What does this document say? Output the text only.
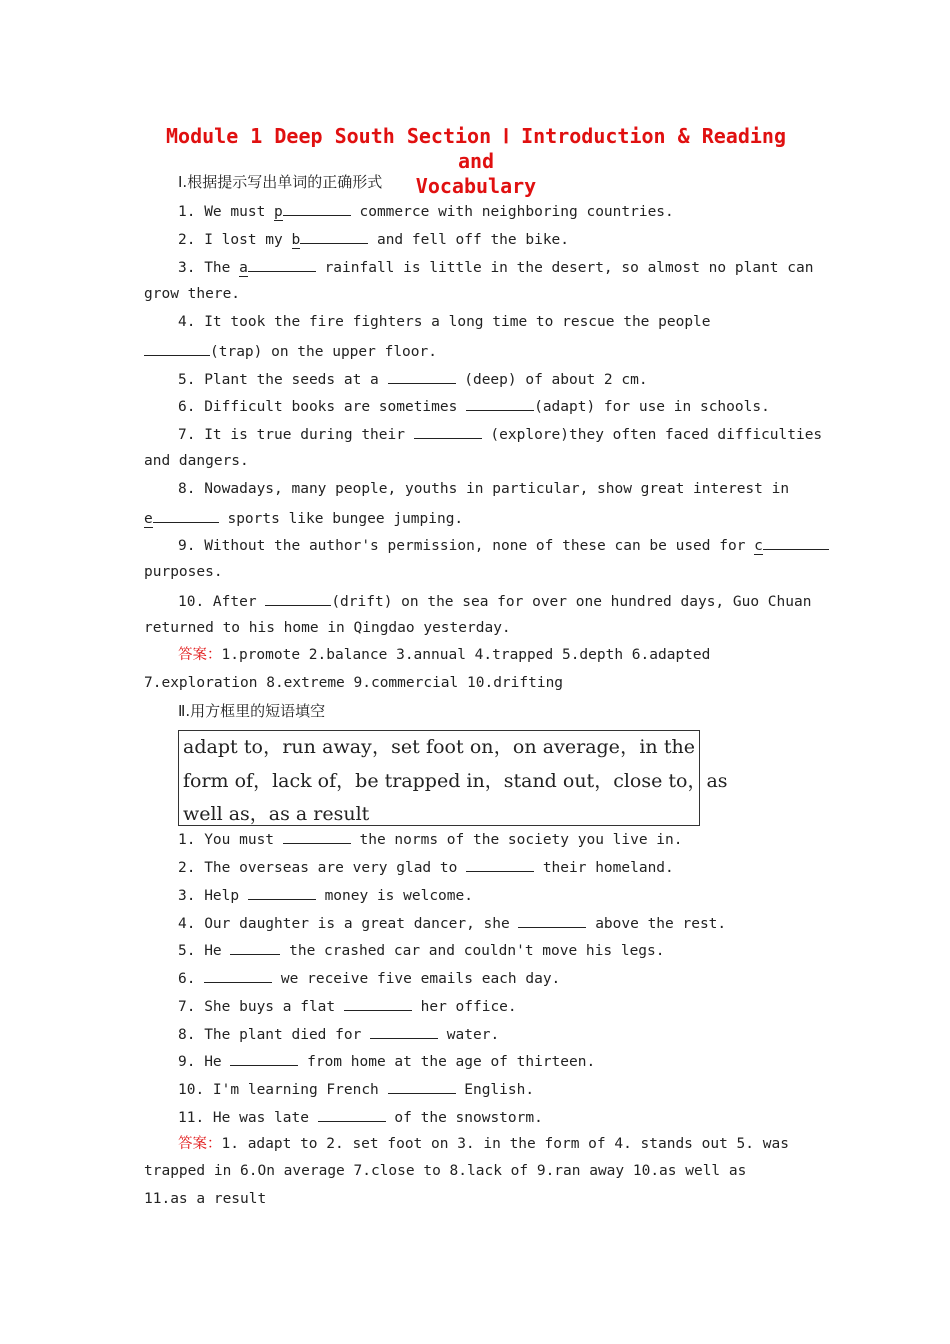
Module 1 Deep South Section Ⅰ Introduction & Reading and
Vocabulary
Ⅰ.根据提示写出单词的正确形式
1. We must p	commerce with neighboring countries.
2. I lost my b	and fell off the bike.
3. The a	rainfall is little in the desert, so almost no plant can
grow there.
4. It took the fire fighters a long time to rescue the people
(trap) on the upper floor.
5. Plant the seeds at a	(deep) of about 2 cm.
6. Difficult books are sometimes	(adapt) for use in schools.
7. It is true during their	(explore)they often faced difficulties
and dangers.
8. Nowadays, many people, youths in particular, show great interest in
e	sports like bungee jumping.
9. Without the author's permission, none of these can be used for c
purposes.
10. After	(drift) on the sea for over one hundred days, Guo Chuan
returned to his home in Qingdao yesterday.
答案：1.promote 2.balance 3.annual 4.trapped 5.depth 6.adapted
7.exploration 8.extreme 9.commercial 10.drifting
Ⅱ.用方框里的短语填空
adapt to，run away，set foot on，on average，in the
form of，lack of，be trapped in，stand out，close to，as
well as，as a result
1. You must	the norms of the society you live in.
2. The overseas are very glad to	their homeland.
3. Help	money is welcome.
4. Our daughter is a great dancer, she	above the rest.
5. He	the crashed car and couldn't move his legs.
6.	we receive five emails each day.
7. She buys a flat	her office.
8. The plant died for	water.
9. He	from home at the age of thirteen.
10. I'm learning French	English.
11. He was late	of the snowstorm.
答案：1. adapt to 2. set foot on 3. in the form of 4. stands out 5. was
trapped in 6.On average 7.close to 8.lack of 9.ran away 10.as well as
11.as a result
